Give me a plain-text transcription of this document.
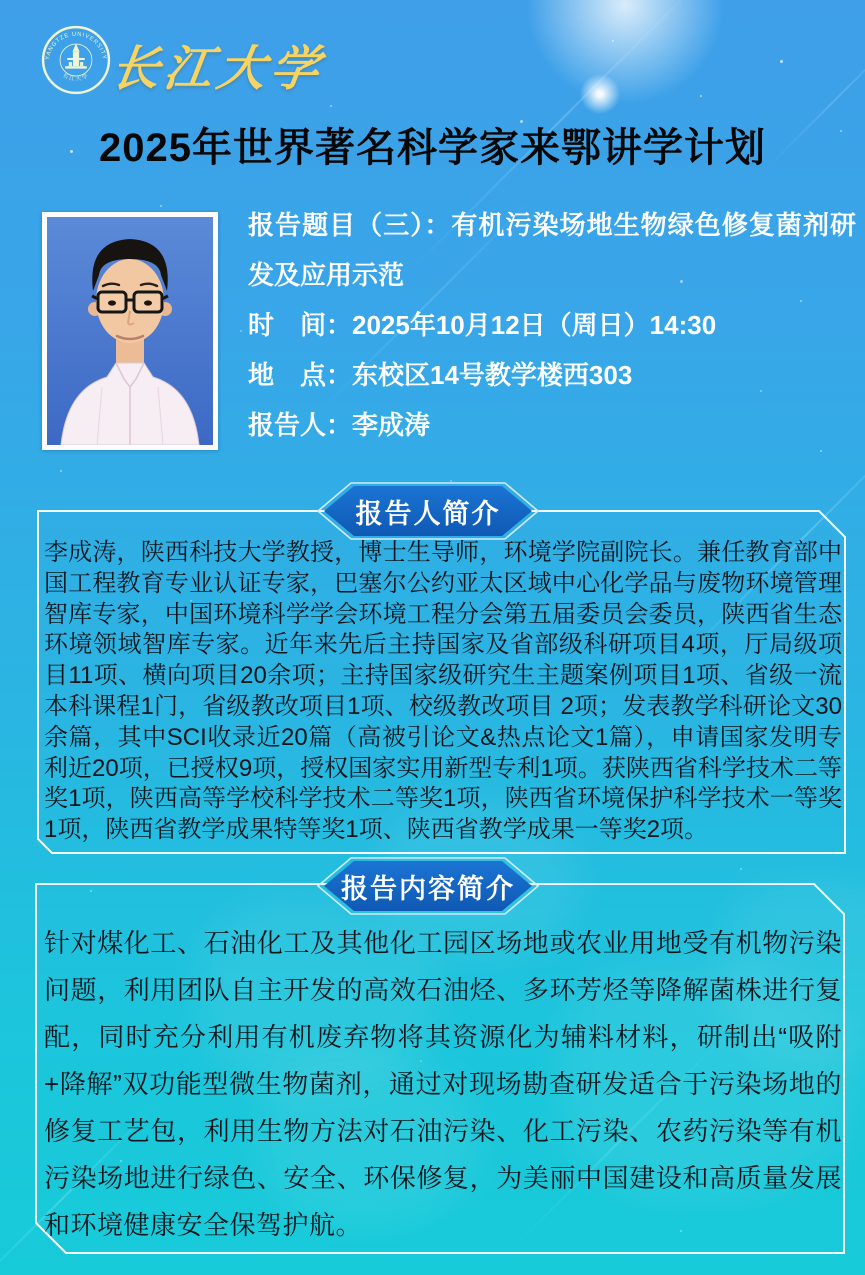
YANGTZE UNIVERSITY
长江大学 长江大学
2025年世界著名科学家来鄂讲学计划

报告题目（三）：有机污染场地生物绿色修复菌剂研发及应用示范

时　间：2025年10月12日（周日）14:30

地　点：东校区14号教学楼西303

报告人：李成涛

报告人简介
李成涛，陕西科技大学教授，博士生导师，环境学院副院长。兼任教育部中国工程教育专业认证专家，巴塞尔公约亚太区域中心化学品与废物环境管理智库专家，中国环境科学学会环境工程分会第五届委员会委员，陕西省生态环境领域智库专家。近年来先后主持国家及省部级科研项目4项，厅局级项目11项、横向项目20余项；主持国家级研究生主题案例项目1项、省级一流本科课程1门，省级教改项目1项、校级教改项目 2项；发表教学科研论文30余篇，其中SCI收录近20篇（高被引论文&热点论文1篇），申请国家发明专利近20项，已授权9项，授权国家实用新型专利1项。获陕西省科学技术二等奖1项，陕西高等学校科学技术二等奖1项，陕西省环境保护科学技术一等奖1项，陕西省教学成果特等奖1项、陕西省教学成果一等奖2项。
报告内容简介
针对煤化工、石油化工及其他化工园区场地或农业用地受有机物污染问题，利用团队自主开发的高效石油烃、多环芳烃等降解菌株进行复配，同时充分利用有机废弃物将其资源化为辅料材料，研制出“吸附+降解”双功能型微生物菌剂，通过对现场勘查研发适合于污染场地的修复工艺包，利用生物方法对石油污染、化工污染、农药污染等有机污染场地进行绿色、安全、环保修复，为美丽中国建设和高质量发展和环境健康安全保驾护航。
